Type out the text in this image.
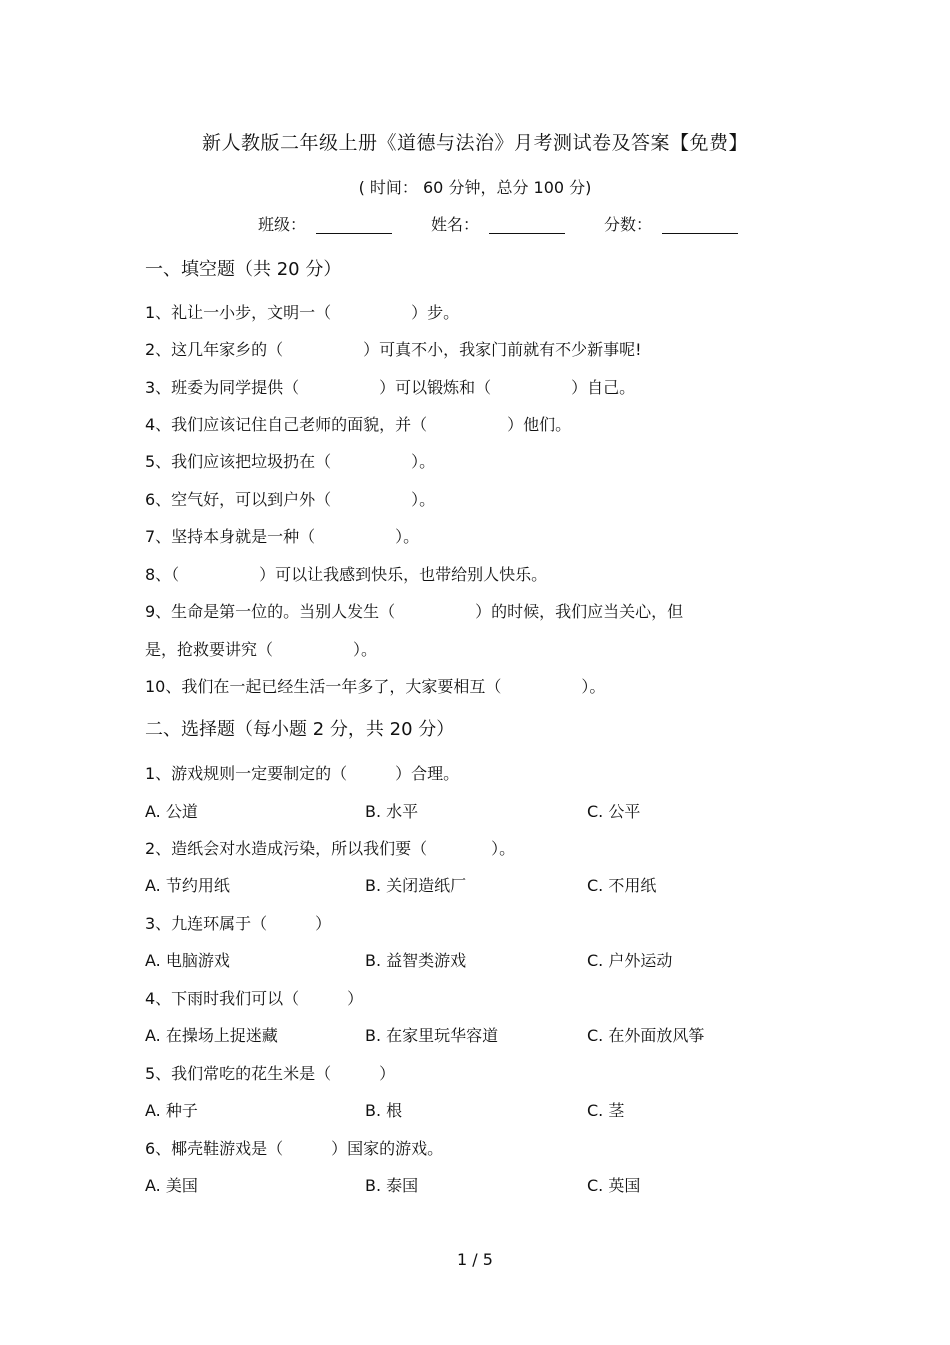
新人教版二年级上册《道德与法治》月考测试卷及答案【免费】
( 时间： 60 分钟，总分 100 分)
班级：	姓名：	分数：
一、填空题（共 20 分）
1、礼让一小步，文明一（　　　　　）步。
2、这几年家乡的（　　　　　）可真不小，我家门前就有不少新事呢!
3、班委为同学提供（　　　　　）可以锻炼和（　　　　　）自己。
4、我们应该记住自己老师的面貌，并（　　　　　）他们。
5、我们应该把垃圾扔在（　　　　　）。
6、空气好，可以到户外（　　　　　）。
7、坚持本身就是一种（　　　　　）。
8、（　　　　　）可以让我感到快乐，也带给别人快乐。
9、生命是第一位的。当别人发生（　　　　　）的时候，我们应当关心，但
是，抢救要讲究（　　　　　）。
10、我们在一起已经生活一年多了，大家要相互（　　　　　）。
二、选择题（每小题 2 分，共 20 分）
1、游戏规则一定要制定的（　　　）合理。
A. 公道	B. 水平	C. 公平
2、造纸会对水造成污染，所以我们要（　　　　）。
A. 节约用纸	B. 关闭造纸厂	C. 不用纸
3、九连环属于（　　　）
A. 电脑游戏	B. 益智类游戏	C. 户外运动
4、下雨时我们可以（　　　）
A. 在操场上捉迷藏	B. 在家里玩华容道	C. 在外面放风筝
5、我们常吃的花生米是（　　　）
A. 种子	B. 根	C. 茎
6、椰壳鞋游戏是（　　　）国家的游戏。
A. 美国	B. 泰国	C. 英国
1 / 5
